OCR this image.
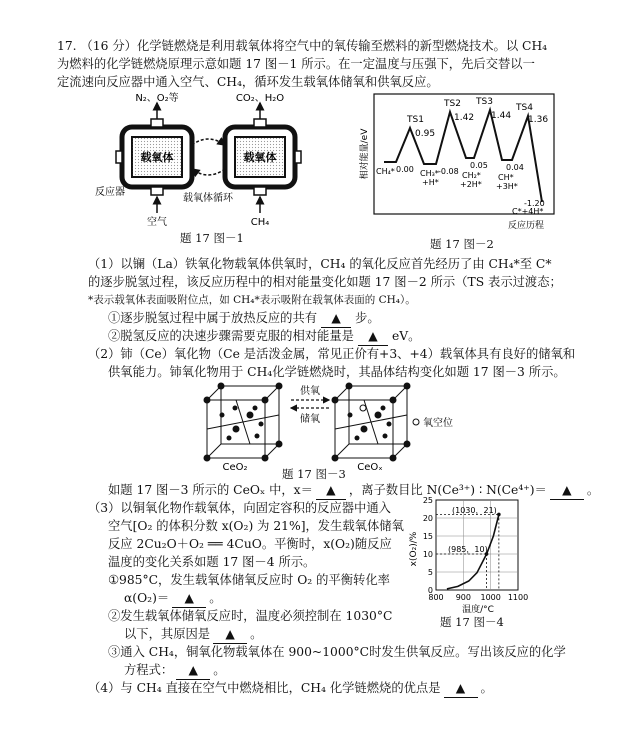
17. （16 分）化学链燃烧是利用载氧体将空气中的氧传输至燃料的新型燃烧技术。以 CH₄
为燃料的化学链燃烧原理示意如题 17 图－1 所示。在一定温度与压强下，先后交替以一
定流速向反应器中通入空气、CH₄，循环发生载氧体储氧和供氧反应。
N₂、O₂等	CO₂、H₂O
载氧体	载氧体
反应器
载氧体循环
空气	CH₄
题 17 图－1
相对能量/eV
TS1
0.95
TS2
1.42
TS3
1.44
TS4
1.36
0.00	-0.08
0.05 0.04
-1.20
CH₄*	CH₃*
+H*
CH₂*
+2H*
CH*
+3H*
C*+4H*
反应历程
题 17 图－2
（1）以镧（La）铁氧化物载氧体供氧时，CH₄ 的氧化反应首先经历了由 CH₄*至 C*
的逐步脱氢过程，该反应历程中的相对能量变化如题 17 图－2 所示（TS 表示过渡态；
*表示载氧体表面吸附位点，如 CH₄*表示吸附在载氧体表面的 CH₄）。
①逐步脱氢过程中属于放热反应的共有 ▲ 步。
②脱氢反应的决速步骤需要克服的相对能量是 ▲ eV。
（2）铈（Ce）氧化物（Ce 是活泼金属，常见正价有+3、+4）载氧体具有良好的储氧和
供氧能力。铈氧化物用于 CH₄化学链燃烧时，其晶体结构变化如题 17 图－3 所示。
供氧
储氧	氧空位
CeO₂	CeOₓ
题 17 图－3
如题 17 图－3 所示的 CeOₓ 中，x＝ ▲ ，离子数目比 N(Ce³⁺) ∶ N(Ce⁴⁺)＝ ▲ 。
（3）以铜氧化物作载氧体，向固定容积的反应器中通入
空气[O₂ 的体积分数 x(O₂) 为 21%]，发生载氧体储氧
反应 2Cu₂O＋O₂ ══ 4CuO。平衡时，x(O₂)随反应
温度的变化关系如题 17 图－4 所示。
①985°C，发生载氧体储氧反应时 O₂ 的平衡转化率
α(O₂)＝ ▲ 。
②发生载氧体储氧反应时，温度必须控制在 1030°C
以下，其原因是 ▲ 。
③通入 CH₄，铜氧化物载氧体在 900~1000°C时发生供氧反应。写出该反应的化学
方程式： ▲ 。
x(O₂)/%
0
5
10
15
20
25
800 900 1000 1100
(1030，21)
(985，10)
温度/°C
题 17 图－4
（4）与 CH₄ 直接在空气中燃烧相比，CH₄ 化学链燃烧的优点是 ▲ 。
